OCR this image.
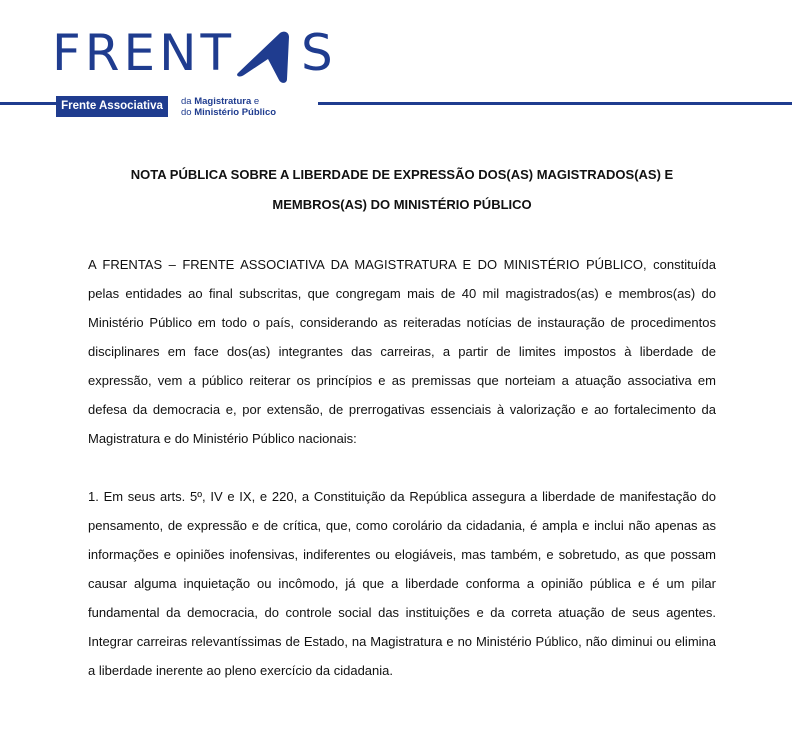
FRENT S
Frente Associativa	da Magistratura e
do Ministério Público

NOTA PÚBLICA SOBRE A LIBERDADE DE EXPRESSÃO DOS(AS) MAGISTRADOS(AS) E

MEMBROS(AS) DO MINISTÉRIO PÚBLICO

A FRENTAS – FRENTE ASSOCIATIVA DA MAGISTRATURA E DO MINISTÉRIO PÚBLICO, constituída pelas entidades ao final subscritas, que congregam mais de 40 mil magistrados(as) e membros(as) do Ministério Público em todo o país, considerando as reiteradas notícias de instauração de procedimentos disciplinares em face dos(as) integrantes das carreiras, a partir de limites impostos à liberdade de expressão, vem a público reiterar os princípios e as premissas que norteiam a atuação associativa em defesa da democracia e, por extensão, de prerrogativas essenciais à valorização e ao fortalecimento da Magistratura e do Ministério Público nacionais:

1. Em seus arts. 5º, IV e IX, e 220, a Constituição da República assegura a liberdade de manifestação do pensamento, de expressão e de crítica, que, como corolário da cidadania, é ampla e inclui não apenas as informações e opiniões inofensivas, indiferentes ou elogiáveis, mas também, e sobretudo, as que possam causar alguma inquietação ou incômodo, já que a liberdade conforma a opinião pública e é um pilar fundamental da democracia, do controle social das instituições e da correta atuação de seus agentes. Integrar carreiras relevantíssimas de Estado, na Magistratura e no Ministério Público, não diminui ou elimina a liberdade inerente ao pleno exercício da cidadania.
